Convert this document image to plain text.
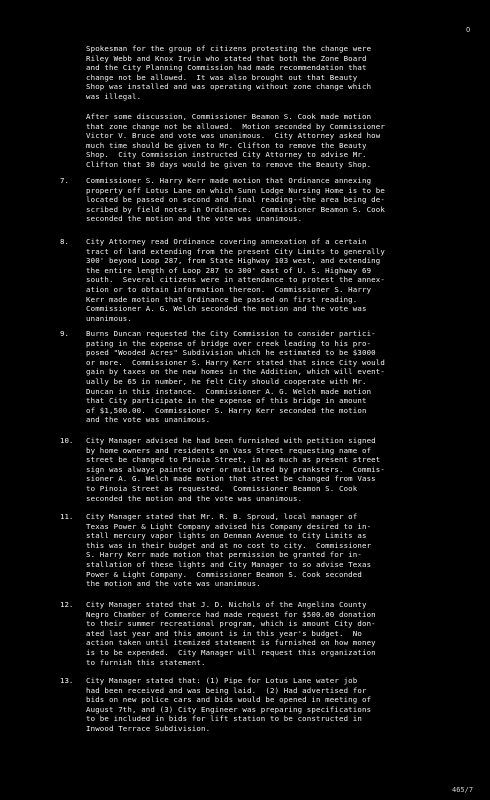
O
Spokesman for the group of citizens protesting the change were
Riley Webb and Knox Irvin who stated that both the Zone Board
and the City Planning Commission had made recommendation that
change not be allowed.  It was also brought out that Beauty
Shop was installed and was operating without zone change which
was illegal.
After some discussion, Commissioner Beamon S. Cook made motion
that zone change not be allowed.  Motion seconded by Commissioner
Victor V. Bruce and vote was unanimous.  City Attorney asked how
much time should be given to Mr. Clifton to remove the Beauty
Shop.  City Commission instructed City Attorney to advise Mr.
Clifton that 30 days would be given to remove the Beauty Shop.
7. Commissioner S. Harry Kerr made motion that Ordinance annexing
property off Lotus Lane on which Sunn Lodge Nursing Home is to be
located be passed on second and final reading--the area being de-
scribed by field notes in Ordinance.  Commissioner Beamon S. Cook
seconded the motion and the vote was unanimous.
8. City Attorney read Ordinance covering annexation of a certain
tract of land extending from the present City Limits to generally
300' beyond Loop 287, from State Highway 103 west, and extending
the entire length of Loop 287 to 300' east of U. S. Highway 69
south.  Several citizens were in attendance to protest the annex-
ation or to obtain information thereon.  Commissioner S. Harry
Kerr made motion that Ordinance be passed on first reading.
Commissioner A. G. Welch seconded the motion and the vote was
unanimous.
9. Burns Duncan requested the City Commission to consider partici-
pating in the expense of bridge over creek leading to his pro-
posed "Wooded Acres" Subdivision which he estimated to be $3000
or more.  Commissioner S. Harry Kerr stated that since City would
gain by taxes on the new homes in the Addition, which will event-
ually be 65 in number, he felt City should cooperate with Mr.
Duncan in this instance.  Commissioner A. G. Welch made motion
that City participate in the expense of this bridge in amount
of $1,500.00.  Commissioner S. Harry Kerr seconded the motion
and the vote was unanimous.
10. City Manager advised he had been furnished with petition signed
by home owners and residents on Vass Street requesting name of
street be changed to Pinoia Street, in as much as present street
sign was always painted over or mutilated by pranksters.  Commis-
sioner A. G. Welch made motion that street be changed from Vass
to Pinoia Street as requested.  Commissioner Beamon S. Cook
seconded the motion and the vote was unanimous.
11. City Manager stated that Mr. R. B. Sproud, local manager of
Texas Power & Light Company advised his Company desired to in-
stall mercury vapor lights on Denman Avenue to City Limits as
this was in their budget and at no cost to city.  Commissioner
S. Harry Kerr made motion that permission be granted for in-
stallation of these lights and City Manager to so advise Texas
Power & Light Company.  Commissioner Beamon S. Cook seconded
the motion and the vote was unanimous.
12. City Manager stated that J. D. Nichols of the Angelina County
Negro Chamber of Commerce had made request for $500.00 donation
to their summer recreational program, which is amount City don-
ated last year and this amount is in this year's budget.  No
action taken until itemized statement is furnished on how money
is to be expended.  City Manager will request this organization
to furnish this statement.
13. City Manager stated that: (1) Pipe for Lotus Lane water job
had been received and was being laid.  (2) Had advertised for
bids on new police cars and bids would be opened in meeting of
August 7th, and (3) City Engineer was preparing specifications
to be included in bids for lift station to be constructed in
Inwood Terrace Subdivision.
465/7
